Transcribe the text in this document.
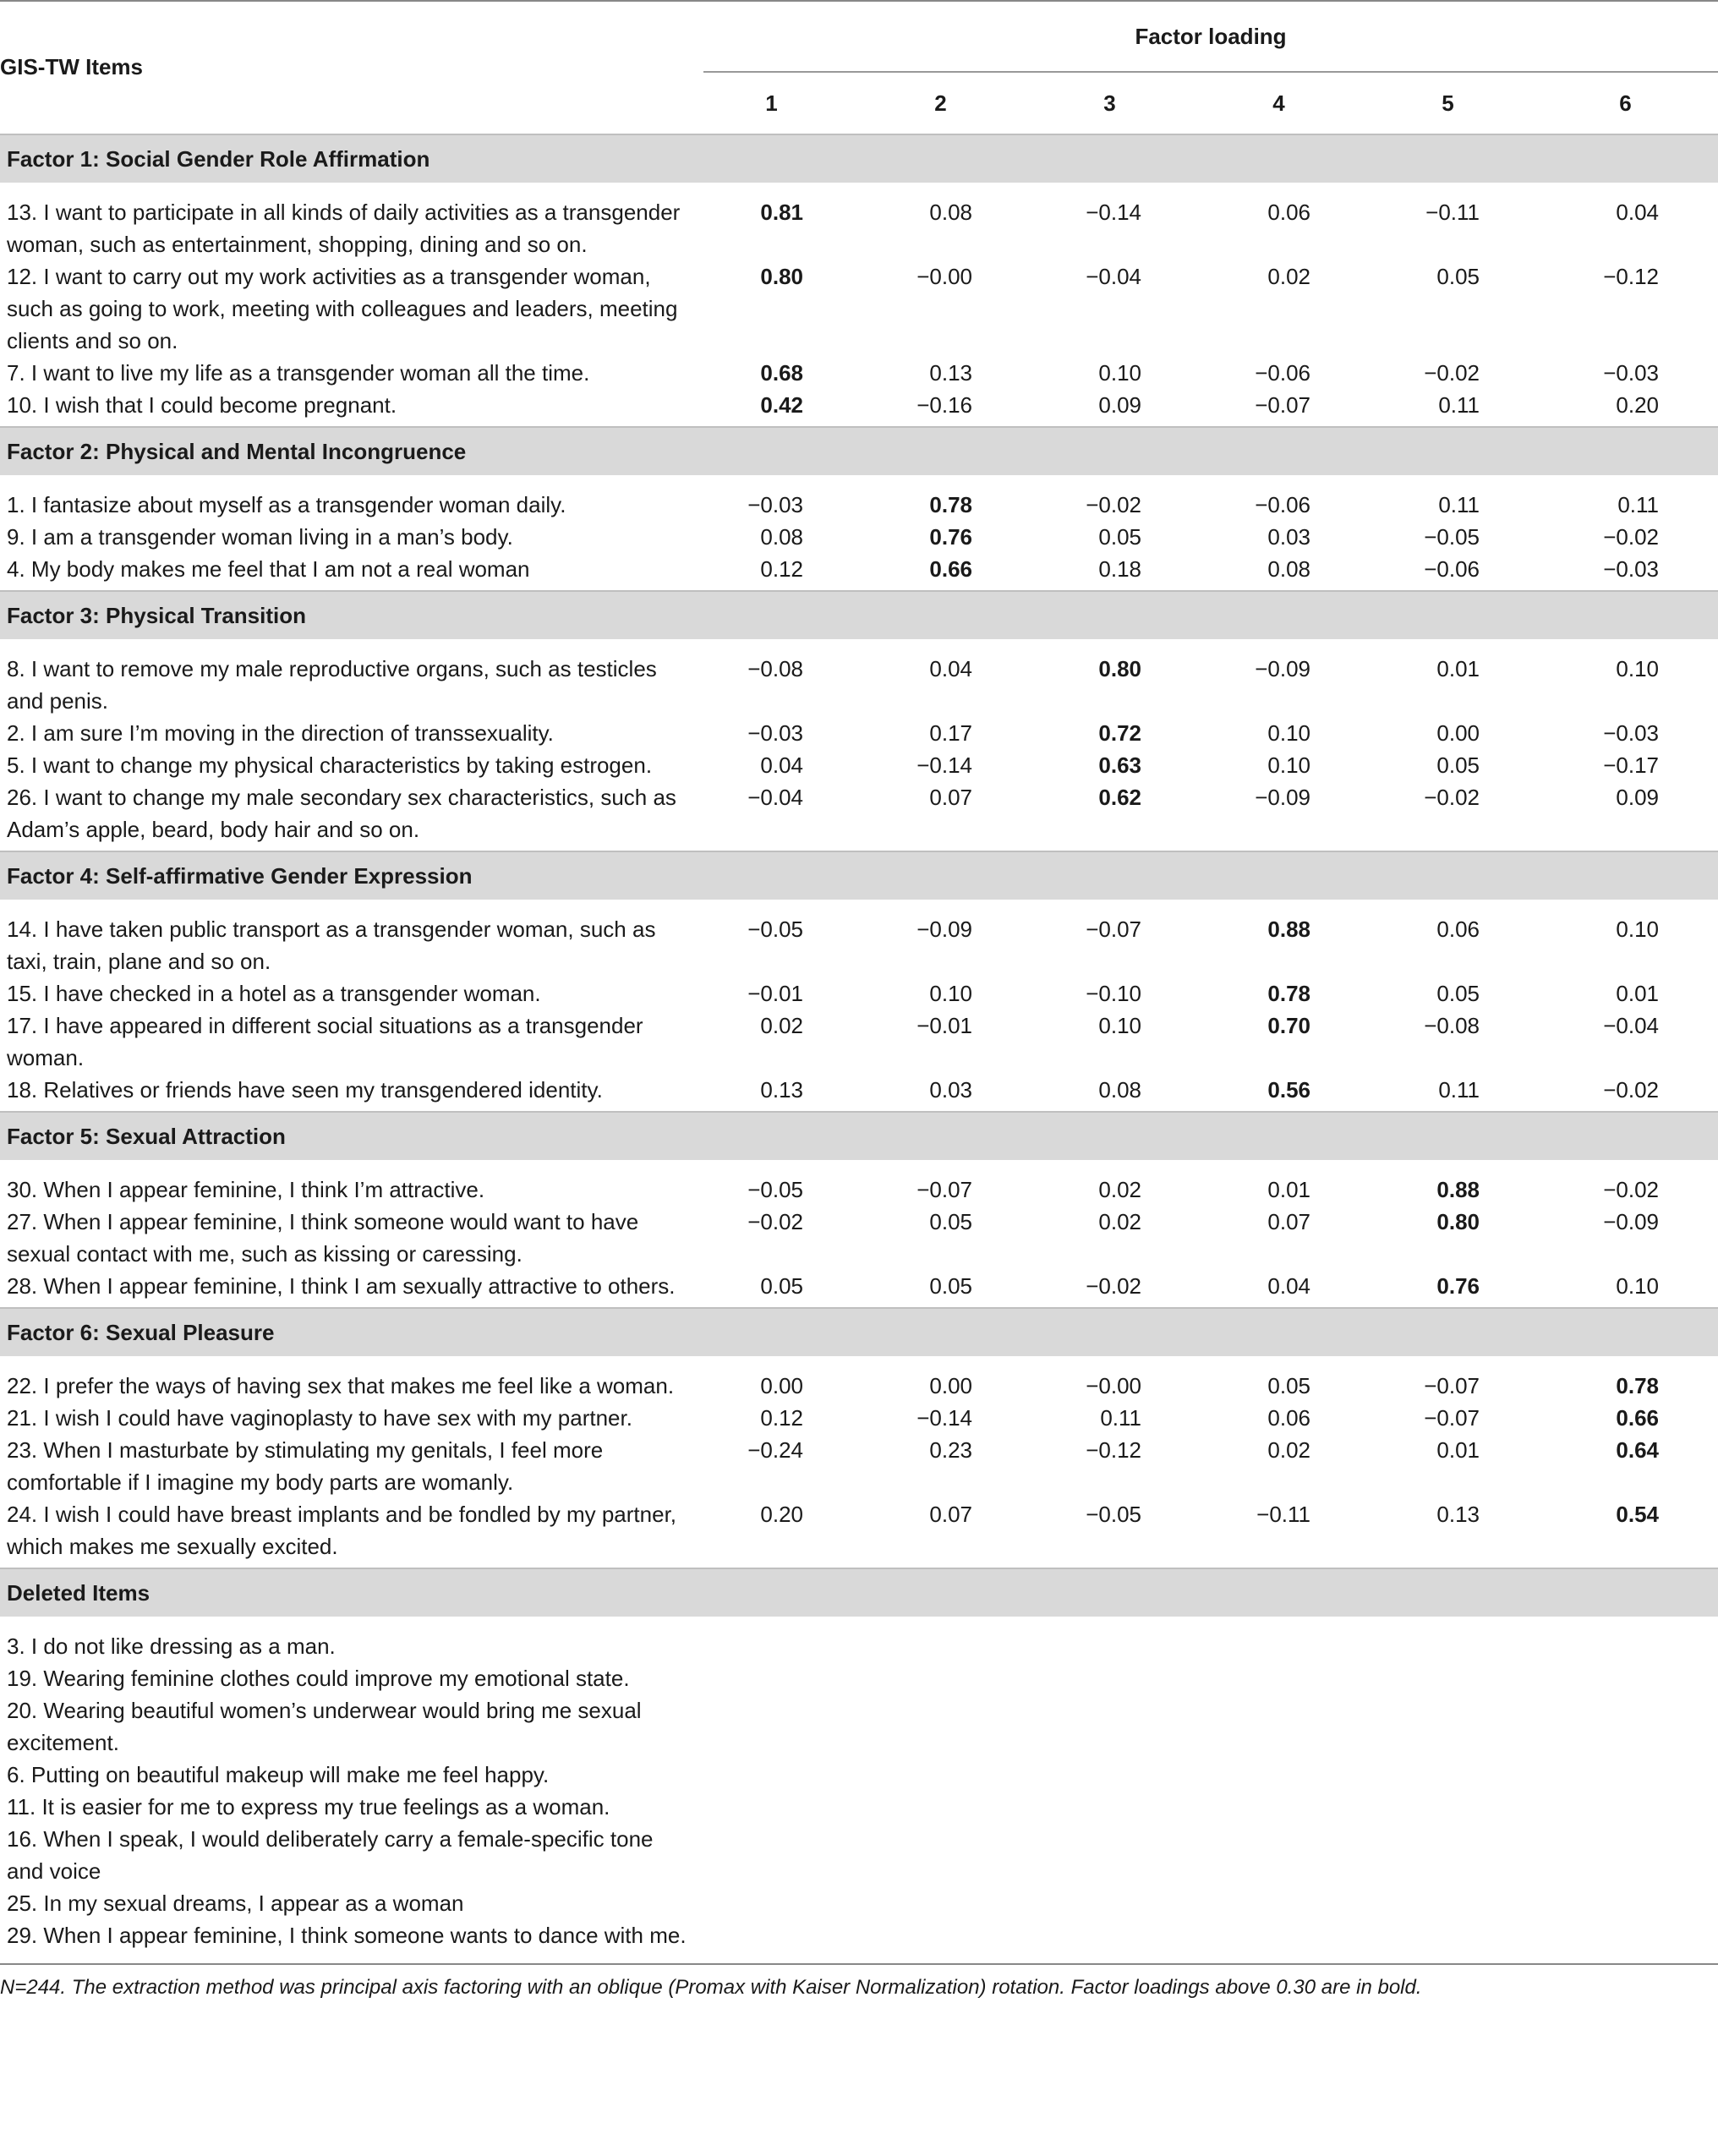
GIS-TW Items	Factor loading					
	1	2	3	4	5	6
Factor 1: Social Gender Role Affirmation						

13. I want to participate in all kinds of daily activities as a transgender woman, such as entertainment, shopping, dining and so on.	0.81	0.08	−0.14	0.06	−0.11	0.04
12. I want to carry out my work activities as a transgender woman, such as going to work, meeting with colleagues and leaders, meeting clients and so on.	0.80	−0.00	−0.04	0.02	0.05	−0.12
7. I want to live my life as a transgender woman all the time.	0.68	0.13	0.10	−0.06	−0.02	−0.03
10. I wish that I could become pregnant.	0.42	−0.16	0.09	−0.07	0.11	0.20

Factor 2: Physical and Mental Incongruence						

1. I fantasize about myself as a transgender woman daily.	−0.03	0.78	−0.02	−0.06	0.11	0.11
9. I am a transgender woman living in a man’s body.	0.08	0.76	0.05	0.03	−0.05	−0.02
4. My body makes me feel that I am not a real woman	0.12	0.66	0.18	0.08	−0.06	−0.03

Factor 3: Physical Transition						

8. I want to remove my male reproductive organs, such as testicles and penis.	−0.08	0.04	0.80	−0.09	0.01	0.10
2. I am sure I’m moving in the direction of transsexuality.	−0.03	0.17	0.72	0.10	0.00	−0.03
5. I want to change my physical characteristics by taking estrogen.	0.04	−0.14	0.63	0.10	0.05	−0.17
26. I want to change my male secondary sex characteristics, such as Adam’s apple, beard, body hair and so on.	−0.04	0.07	0.62	−0.09	−0.02	0.09

Factor 4: Self-affirmative Gender Expression						

14. I have taken public transport as a transgender woman, such as taxi, train, plane and so on.	−0.05	−0.09	−0.07	0.88	0.06	0.10
15. I have checked in a hotel as a transgender woman.	−0.01	0.10	−0.10	0.78	0.05	0.01
17. I have appeared in different social situations as a transgender woman.	0.02	−0.01	0.10	0.70	−0.08	−0.04
18. Relatives or friends have seen my transgendered identity.	0.13	0.03	0.08	0.56	0.11	−0.02

Factor 5: Sexual Attraction						

30. When I appear feminine, I think I’m attractive.	−0.05	−0.07	0.02	0.01	0.88	−0.02
27. When I appear feminine, I think someone would want to have sexual contact with me, such as kissing or caressing.	−0.02	0.05	0.02	0.07	0.80	−0.09
28. When I appear feminine, I think I am sexually attractive to others.	0.05	0.05	−0.02	0.04	0.76	0.10

Factor 6: Sexual Pleasure						

22. I prefer the ways of having sex that makes me feel like a woman.	0.00	0.00	−0.00	0.05	−0.07	0.78
21. I wish I could have vaginoplasty to have sex with my partner.	0.12	−0.14	0.11	0.06	−0.07	0.66
23. When I masturbate by stimulating my genitals, I feel more comfortable if I imagine my body parts are womanly.	−0.24	0.23	−0.12	0.02	0.01	0.64
24. I wish I could have breast implants and be fondled by my partner, which makes me sexually excited.	0.20	0.07	−0.05	−0.11	0.13	0.54

Deleted Items						

3. I do not like dressing as a man.						
19. Wearing feminine clothes could improve my emotional state.						
20. Wearing beautiful women’s underwear would bring me sexual excitement.						
6. Putting on beautiful makeup will make me feel happy.						
11. It is easier for me to express my true feelings as a woman.						
16. When I speak, I would deliberately carry a female-specific tone and voice						
25. In my sexual dreams, I appear as a woman						
29. When I appear feminine, I think someone wants to dance with me.						
N=244. The extraction method was principal axis factoring with an oblique (Promax with Kaiser Normalization) rotation. Factor loadings above 0.30 are in bold.
